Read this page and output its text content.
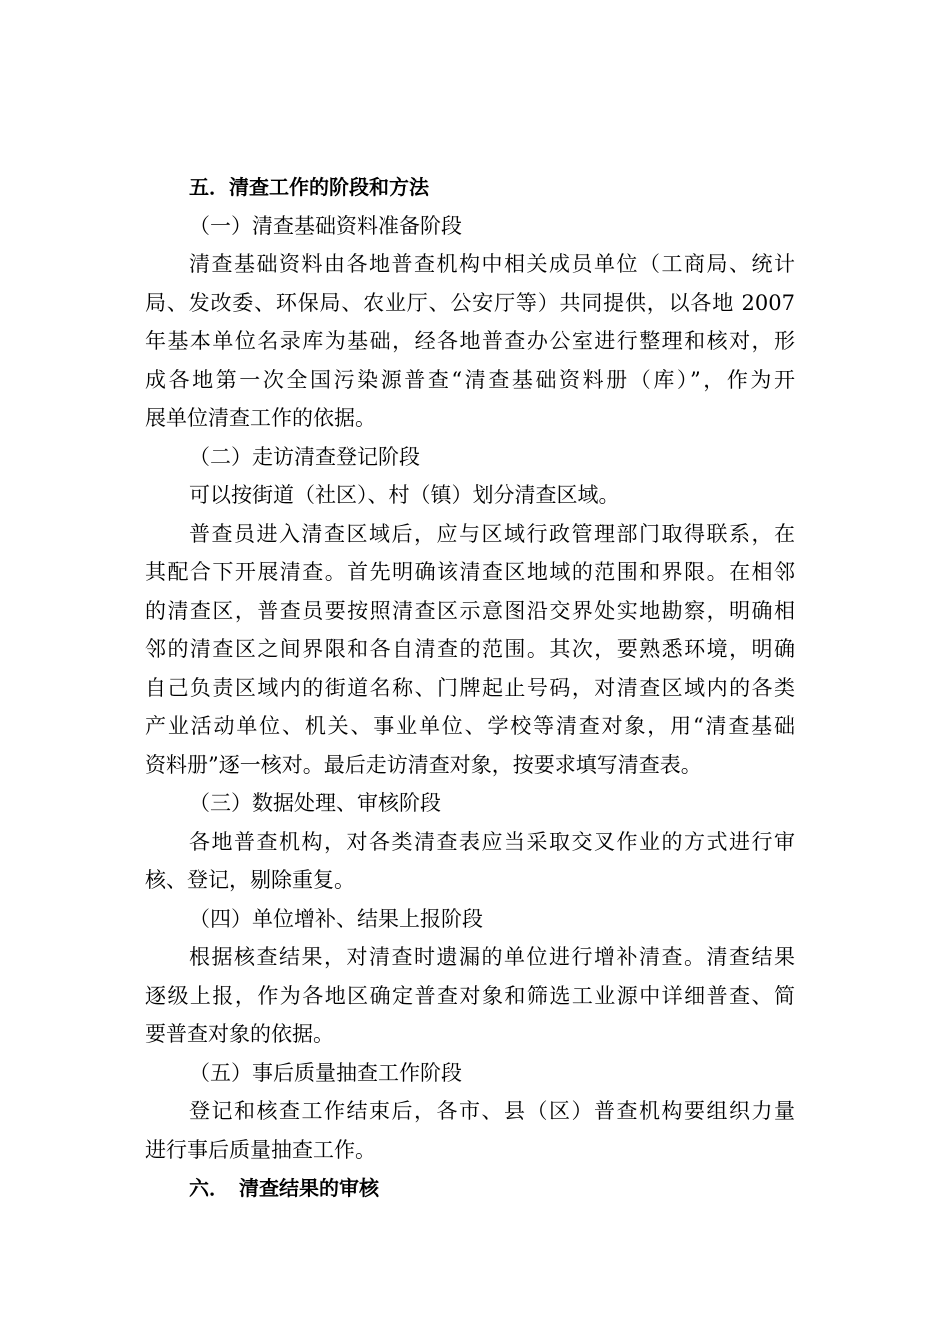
五．清查工作的阶段和方法
（一）清查基础资料准备阶段
清查基础资料由各地普查机构中相关成员单位（工商局、统计
局、发改委、环保局、农业厅、公安厅等）共同提供，以各地 2007
年基本单位名录库为基础，经各地普查办公室进行整理和核对，形
成各地第一次全国污染源普查“清查基础资料册（库）”，作为开
展单位清查工作的依据。
（二）走访清查登记阶段
可以按街道（社区）、村（镇）划分清查区域。
普查员进入清查区域后，应与区域行政管理部门取得联系，在
其配合下开展清查。首先明确该清查区地域的范围和界限。在相邻
的清查区，普查员要按照清查区示意图沿交界处实地勘察，明确相
邻的清查区之间界限和各自清查的范围。其次，要熟悉环境，明确
自己负责区域内的街道名称、门牌起止号码，对清查区域内的各类
产业活动单位、机关、事业单位、学校等清查对象，用“清查基础
资料册”逐一核对。最后走访清查对象，按要求填写清查表。
（三）数据处理、审核阶段
各地普查机构，对各类清查表应当采取交叉作业的方式进行审
核、登记，剔除重复。
（四）单位增补、结果上报阶段
根据核查结果，对清查时遗漏的单位进行增补清查。清查结果
逐级上报，作为各地区确定普查对象和筛选工业源中详细普查、简
要普查对象的依据。
（五）事后质量抽查工作阶段
登记和核查工作结束后，各市、县（区）普查机构要组织力量
进行事后质量抽查工作。
六．　清查结果的审核
